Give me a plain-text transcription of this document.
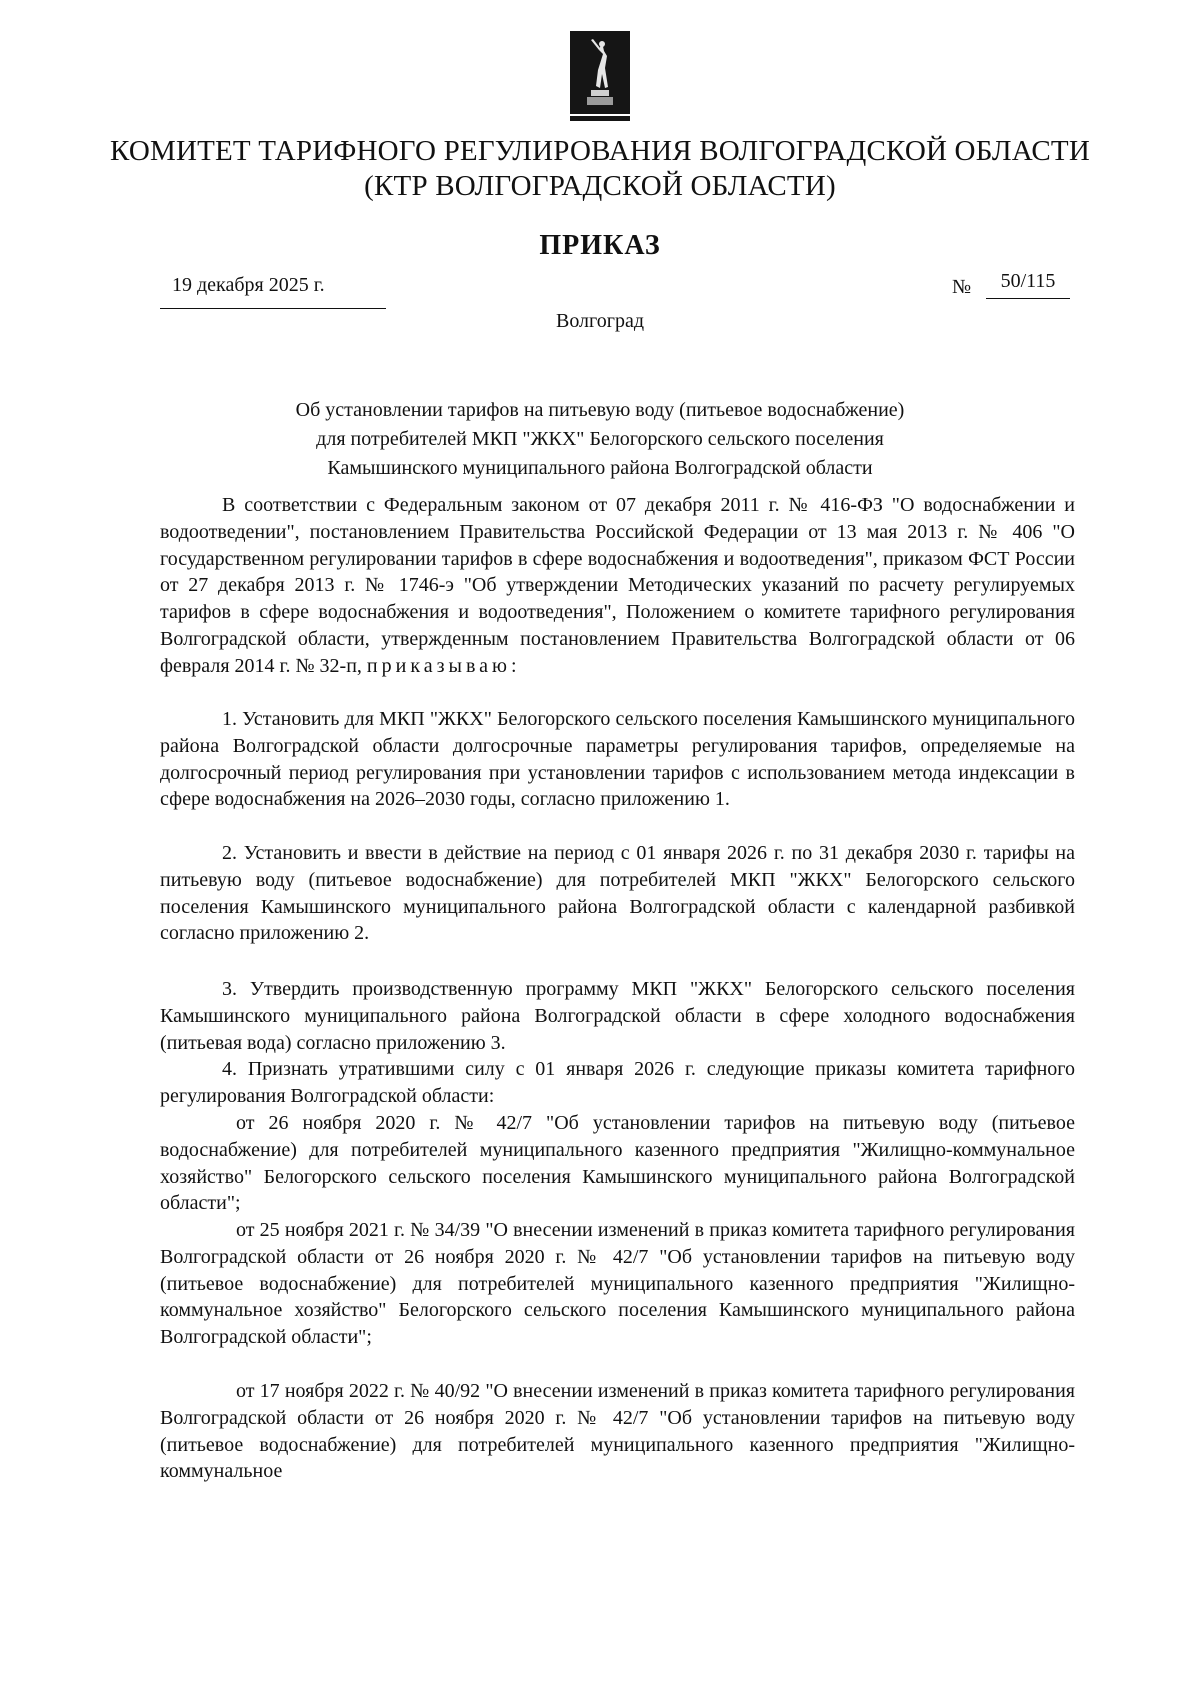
КОМИТЕТ ТАРИФНОГО РЕГУЛИРОВАНИЯ ВОЛГОГРАДСКОЙ ОБЛАСТИ
(КТР ВОЛГОГРАДСКОЙ ОБЛАСТИ)
ПРИКАЗ
19 декабря 2025 г.	№	50/115
Волгоград
Об установлении тарифов на питьевую воду (питьевое водоснабжение)
для потребителей МКП "ЖКХ" Белогорского сельского поселения
Камышинского муниципального района Волгоградской области

В соответствии с Федеральным законом от 07 декабря 2011 г. № 416-ФЗ "О водоснабжении и водоотведении", постановлением Правительства Российской Федерации от 13 мая 2013 г. № 406 "О государственном регулировании тарифов в сфере водоснабжения и водоотведения", приказом ФСТ России от 27 декабря 2013 г. № 1746-э "Об утверждении Методических указаний по расчету регулируемых тарифов в сфере водоснабжения и водоотведения", Положением о комитете тарифного регулирования Волгоградской области, утвержденным постановлением Правительства Волгоградской области от 06 февраля 2014 г. № 32-п, приказываю:

1. Установить для МКП "ЖКХ" Белогорского сельского поселения Камышинского муниципального района Волгоградской области долгосрочные параметры регулирования тарифов, определяемые на долгосрочный период регулирования при установлении тарифов с использованием метода индексации в сфере водоснабжения на 2026–2030 годы, согласно приложению 1.

2. Установить и ввести в действие на период с 01 января 2026 г. по 31 декабря 2030 г. тарифы на питьевую воду (питьевое водоснабжение) для потребителей МКП "ЖКХ" Белогорского сельского поселения Камышинского муниципального района Волгоградской области с календарной разбивкой согласно приложению 2.

3. Утвердить производственную программу МКП "ЖКХ" Белогорского сельского поселения Камышинского муниципального района Волгоградской области в сфере холодного водоснабжения (питьевая вода) согласно приложению 3.

4. Признать утратившими силу с 01 января 2026 г. следующие приказы комитета тарифного регулирования Волгоградской области:

от 26 ноября 2020 г. № 42/7 "Об установлении тарифов на питьевую воду (питьевое водоснабжение) для потребителей муниципального казенного предприятия "Жилищно-коммунальное хозяйство" Белогорского сельского поселения Камышинского муниципального района Волгоградской области";

от 25 ноября 2021 г. № 34/39 "О внесении изменений в приказ комитета тарифного регулирования Волгоградской области от 26 ноября 2020 г. № 42/7 "Об установлении тарифов на питьевую воду (питьевое водоснабжение) для потребителей муниципального казенного предприятия "Жилищно-коммунальное хозяйство" Белогорского сельского поселения Камышинского муниципального района Волгоградской области";

от 17 ноября 2022 г. № 40/92 "О внесении изменений в приказ комитета тарифного регулирования Волгоградской области от 26 ноября 2020 г. № 42/7 "Об установлении тарифов на питьевую воду (питьевое водоснабжение) для потребителей муниципального казенного предприятия "Жилищно-коммунальное
